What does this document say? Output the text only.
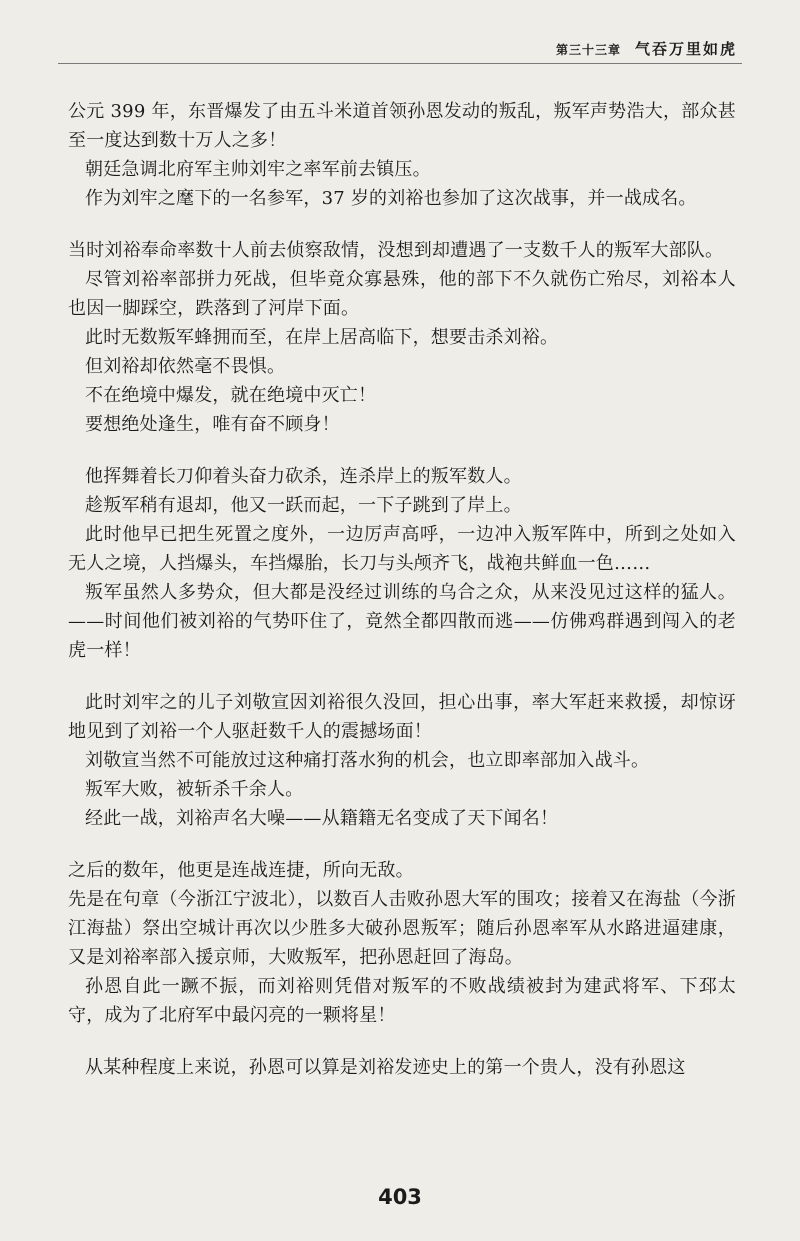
第三十三章 气吞万里如虎

公元 399 年，东晋爆发了由五斗米道首领孙恩发动的叛乱，叛军声势浩大，部众甚至一度达到数十万人之多！

朝廷急调北府军主帅刘牢之率军前去镇压。

作为刘牢之麾下的一名参军，37 岁的刘裕也参加了这次战事，并一战成名。

当时刘裕奉命率数十人前去侦察敌情，没想到却遭遇了一支数千人的叛军大部队。

尽管刘裕率部拼力死战，但毕竟众寡悬殊，他的部下不久就伤亡殆尽，刘裕本人也因一脚踩空，跌落到了河岸下面。

此时无数叛军蜂拥而至，在岸上居高临下，想要击杀刘裕。

但刘裕却依然毫不畏惧。

不在绝境中爆发，就在绝境中灭亡！

要想绝处逢生，唯有奋不顾身！

他挥舞着长刀仰着头奋力砍杀，连杀岸上的叛军数人。

趁叛军稍有退却，他又一跃而起，一下子跳到了岸上。

此时他早已把生死置之度外，一边厉声高呼，一边冲入叛军阵中，所到之处如入无人之境，人挡爆头，车挡爆胎，长刀与头颅齐飞，战袍共鲜血一色……

叛军虽然人多势众，但大都是没经过训练的乌合之众，从来没见过这样的猛人。——时间他们被刘裕的气势吓住了，竟然全都四散而逃——仿佛鸡群遇到闯入的老虎一样！

此时刘牢之的儿子刘敬宣因刘裕很久没回，担心出事，率大军赶来救援，却惊讶地见到了刘裕一个人驱赶数千人的震撼场面！

刘敬宣当然不可能放过这种痛打落水狗的机会，也立即率部加入战斗。

叛军大败，被斩杀千余人。

经此一战，刘裕声名大噪——从籍籍无名变成了天下闻名！

之后的数年，他更是连战连捷，所向无敌。

先是在句章（今浙江宁波北），以数百人击败孙恩大军的围攻；接着又在海盐（今浙江海盐）祭出空城计再次以少胜多大破孙恩叛军；随后孙恩率军从水路进逼建康，又是刘裕率部入援京师，大败叛军，把孙恩赶回了海岛。

孙恩自此一蹶不振，而刘裕则凭借对叛军的不败战绩被封为建武将军、下邳太守，成为了北府军中最闪亮的一颗将星！

从某种程度上来说，孙恩可以算是刘裕发迹史上的第一个贵人，没有孙恩这

403
